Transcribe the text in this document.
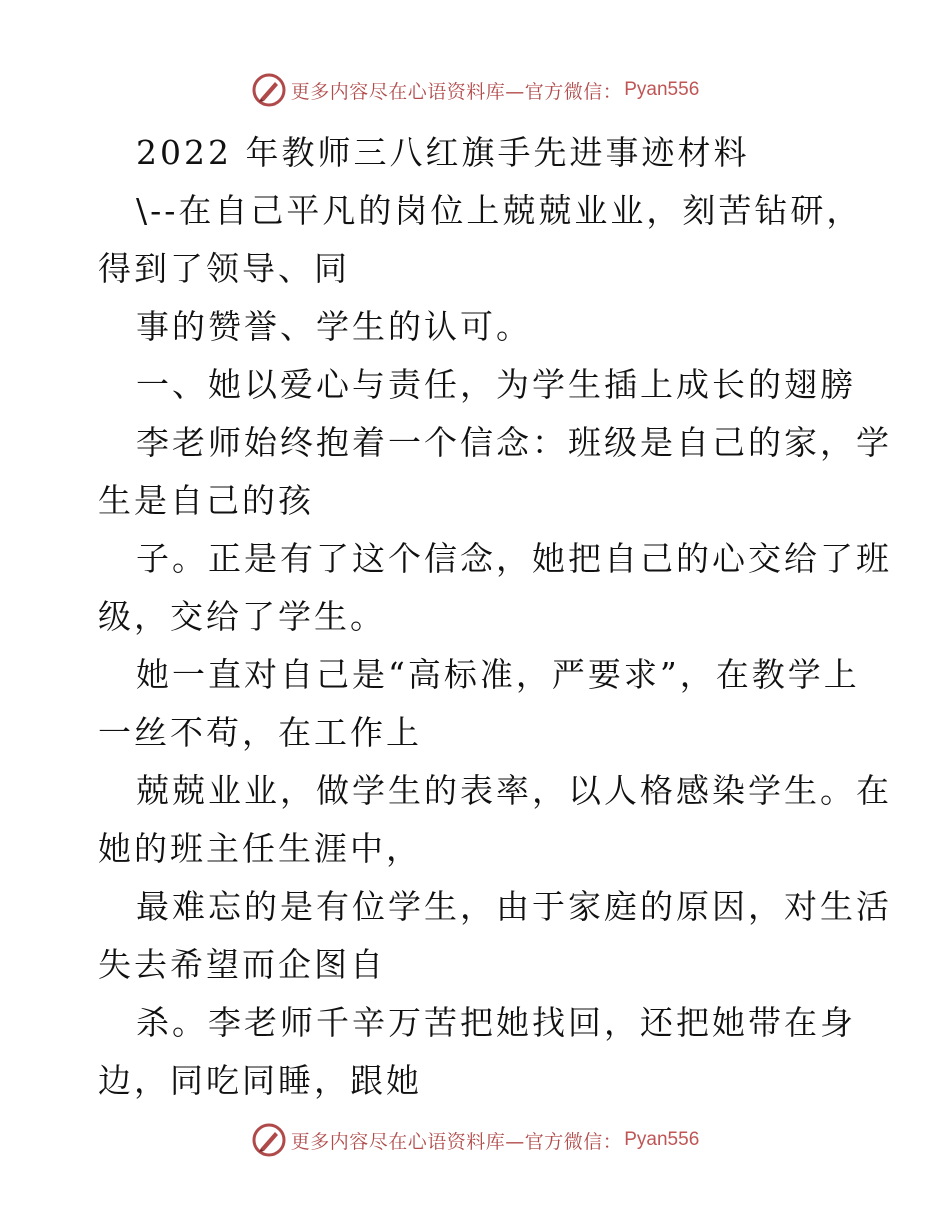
更多内容尽在心语资料库—官方微信： Pyan556
2022 年教师三八红旗手先进事迹材料
\--在自己平凡的岗位上兢兢业业，刻苦钻研，
得到了领导、同
事的赞誉、学生的认可。
一、她以爱心与责任，为学生插上成长的翅膀
李老师始终抱着一个信念：班级是自己的家，学
生是自己的孩
子。正是有了这个信念，她把自己的心交给了班
级，交给了学生。
她一直对自己是“高标准，严要求”，在教学上
一丝不苟，在工作上
兢兢业业，做学生的表率，以人格感染学生。在
她的班主任生涯中，
最难忘的是有位学生，由于家庭的原因，对生活
失去希望而企图自
杀。李老师千辛万苦把她找回，还把她带在身
边，同吃同睡，跟她
更多内容尽在心语资料库—官方微信： Pyan556
